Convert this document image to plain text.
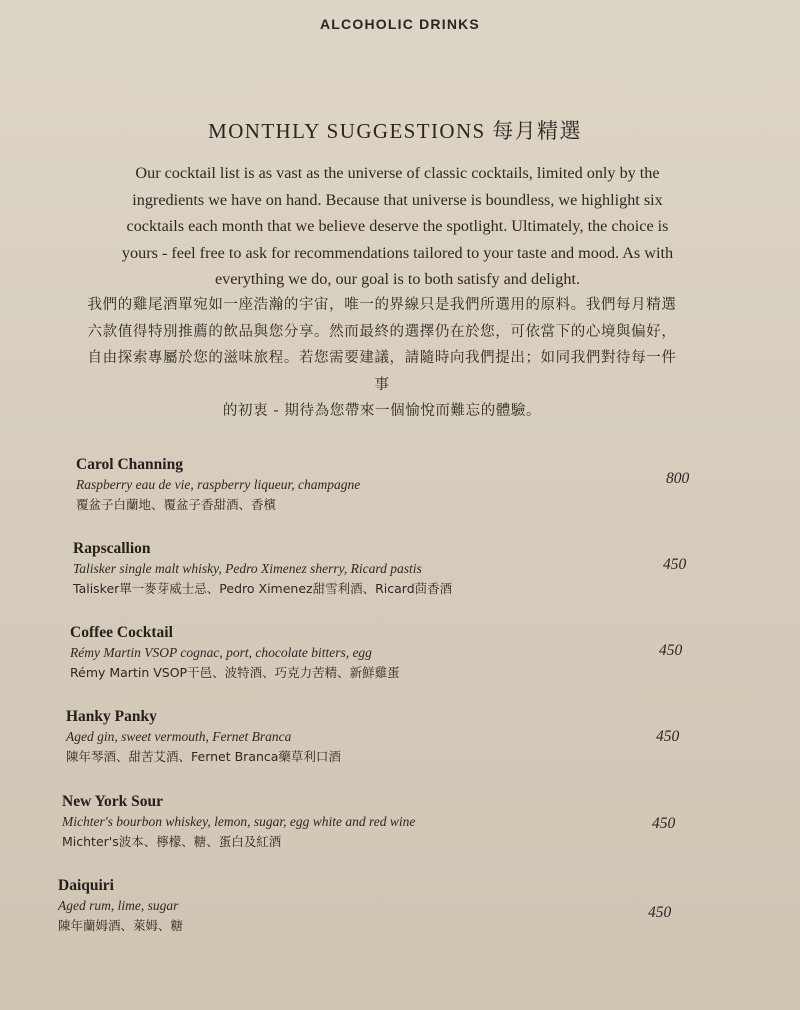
ALCOHOLIC DRINKS
MONTHLY SUGGESTIONS 每月精選
Our cocktail list is as vast as the universe of classic cocktails, limited only by the
ingredients we have on hand. Because that universe is boundless, we highlight six
cocktails each month that we believe deserve the spotlight. Ultimately, the choice is
yours - feel free to ask for recommendations tailored to your taste and mood. As with
everything we do, our goal is to both satisfy and delight.
我們的雞尾酒單宛如一座浩瀚的宇宙，唯一的界線只是我們所選用的原料。我們每月精選
六款值得特別推薦的飲品與您分享。然而最終的選擇仍在於您，可依當下的心境與偏好，
自由探索專屬於您的滋味旅程。若您需要建議，請隨時向我們提出；如同我們對待每一件事
的初衷 - 期待為您帶來一個愉悅而難忘的體驗。
Carol Channing
Raspberry eau de vie, raspberry liqueur, champagne
覆盆子白蘭地、覆盆子香甜酒、香檳
800
Rapscallion
Talisker single malt whisky, Pedro Ximenez sherry, Ricard pastis
Talisker單一麥芽威士忌、Pedro Ximenez甜雪利酒、Ricard茴香酒
450
Coffee Cocktail
Rémy Martin VSOP cognac, port, chocolate bitters, egg
Rémy Martin VSOP干邑、波特酒、巧克力苦精、新鮮雞蛋
450
Hanky Panky
Aged gin, sweet vermouth, Fernet Branca
陳年琴酒、甜苦艾酒、Fernet Branca藥草利口酒
450
New York Sour
Michter's bourbon whiskey, lemon, sugar, egg white and red wine
Michter's波本、檸檬、糖、蛋白及紅酒
450
Daiquiri
Aged rum, lime, sugar
陳年蘭姆酒、萊姆、糖
450
